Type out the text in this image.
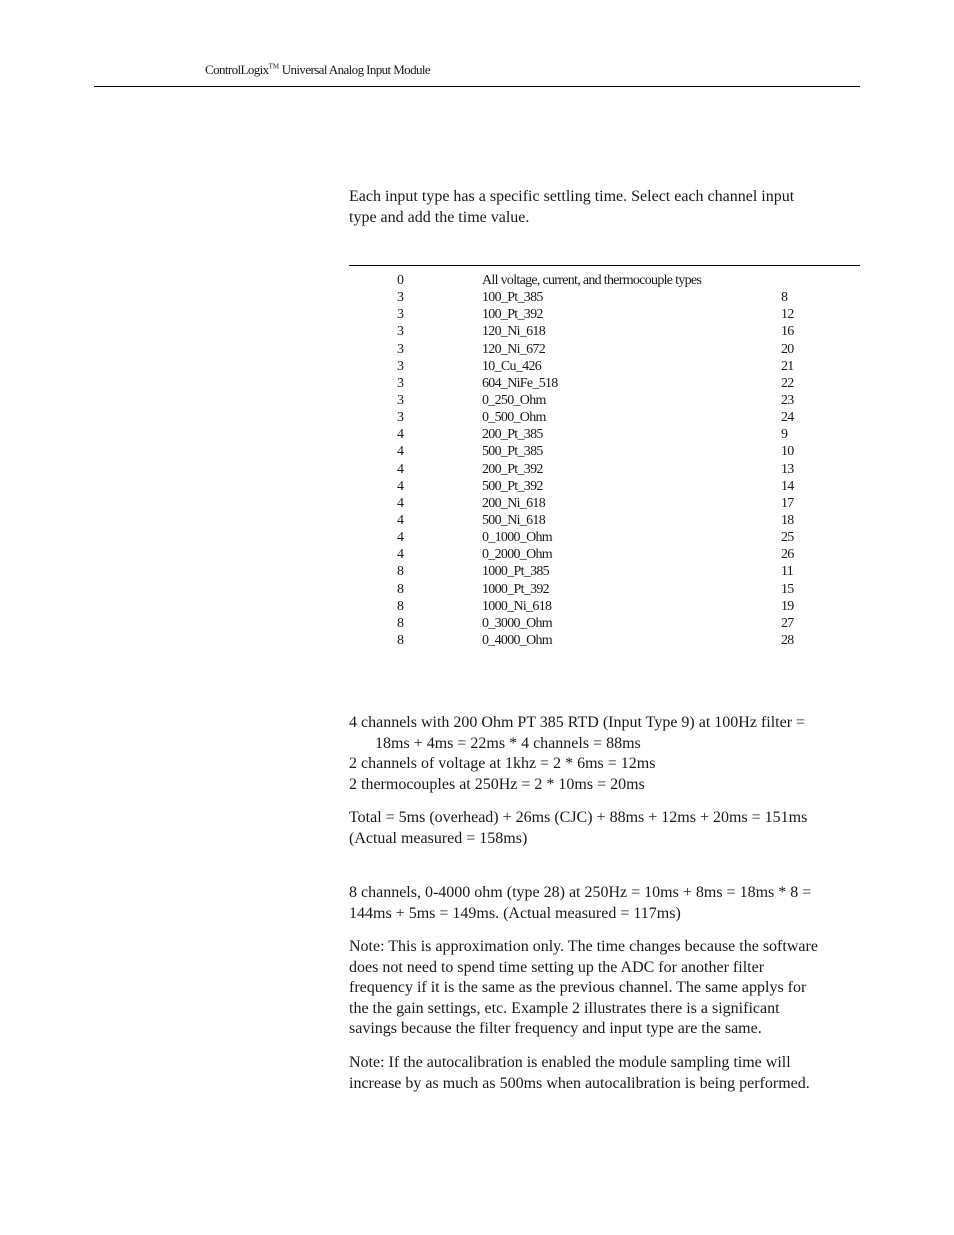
ControlLogix™ Universal Analog Input Module

Each input type has a specific settling time. Select each channel input
type and add the time value.

0	All voltage, current, and thermocouple types
3	100_Pt_385	8
3	100_Pt_392	12
3	120_Ni_618	16
3	120_Ni_672	20
3	10_Cu_426	21
3	604_NiFe_518	22
3	0_250_Ohm	23
3	0_500_Ohm	24
4	200_Pt_385	9
4	500_Pt_385	10
4	200_Pt_392	13
4	500_Pt_392	14
4	200_Ni_618	17
4	500_Ni_618	18
4	0_1000_Ohm	25
4	0_2000_Ohm	26
8	1000_Pt_385	11
8	1000_Pt_392	15
8	1000_Ni_618	19
8	0_3000_Ohm	27
8	0_4000_Ohm	28

4 channels with 200 Ohm PT 385 RTD (Input Type 9) at 100Hz filter =
18ms + 4ms = 22ms * 4 channels = 88ms
2 channels of voltage at 1khz = 2 * 6ms = 12ms
2 thermocouples at 250Hz = 2 * 10ms = 20ms

Total = 5ms (overhead) + 26ms (CJC) + 88ms + 12ms + 20ms = 151ms
(Actual measured = 158ms)

8 channels, 0-4000 ohm (type 28) at 250Hz = 10ms + 8ms = 18ms * 8 =
144ms + 5ms = 149ms. (Actual measured = 117ms)

Note: This is approximation only. The time changes because the software
does not need to spend time setting up the ADC for another filter
frequency if it is the same as the previous channel. The same applys for
the the gain settings, etc. Example 2 illustrates there is a significant
savings because the filter frequency and input type are the same.

Note: If the autocalibration is enabled the module sampling time will
increase by as much as 500ms when autocalibration is being performed.
